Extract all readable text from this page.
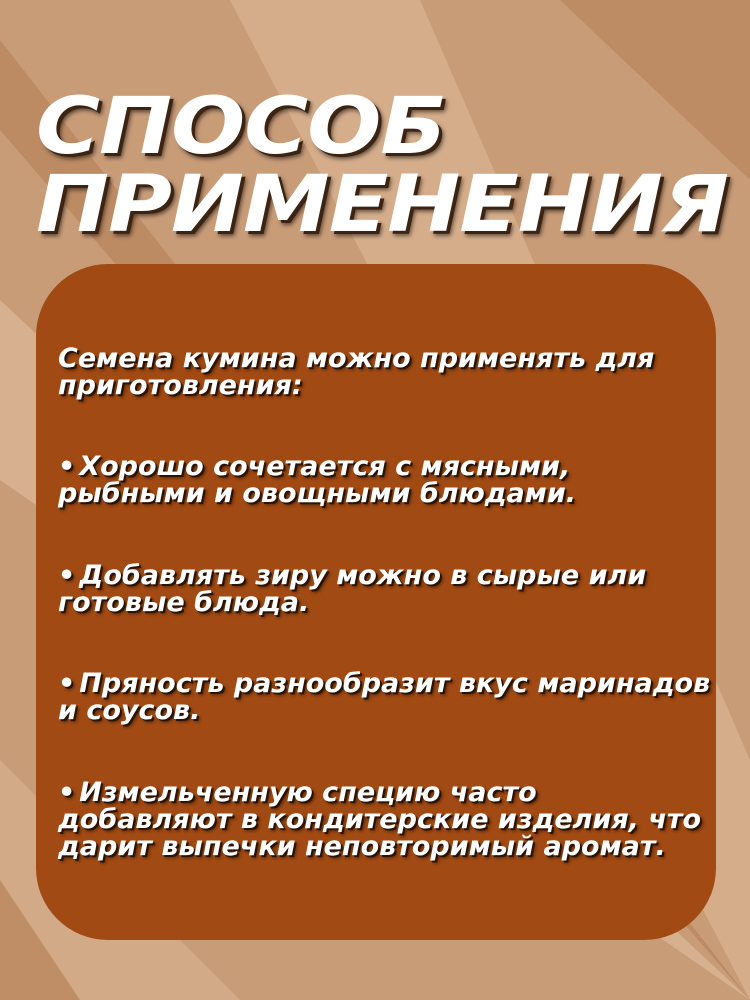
СПОСОБ
ПРИМЕНЕНИЯ

Семена кумина можно применять для приготовления:

• Хорошо сочетается с мясными, рыбными и овощными блюдами.

• Добавлять зиру можно в сырые или готовые блюда.

• Пряность разнообразит вкус маринадов и соусов.

• Измельченную специю часто добавляют в кондитерские изделия, что дарит выпечки неповторимый аромат.
